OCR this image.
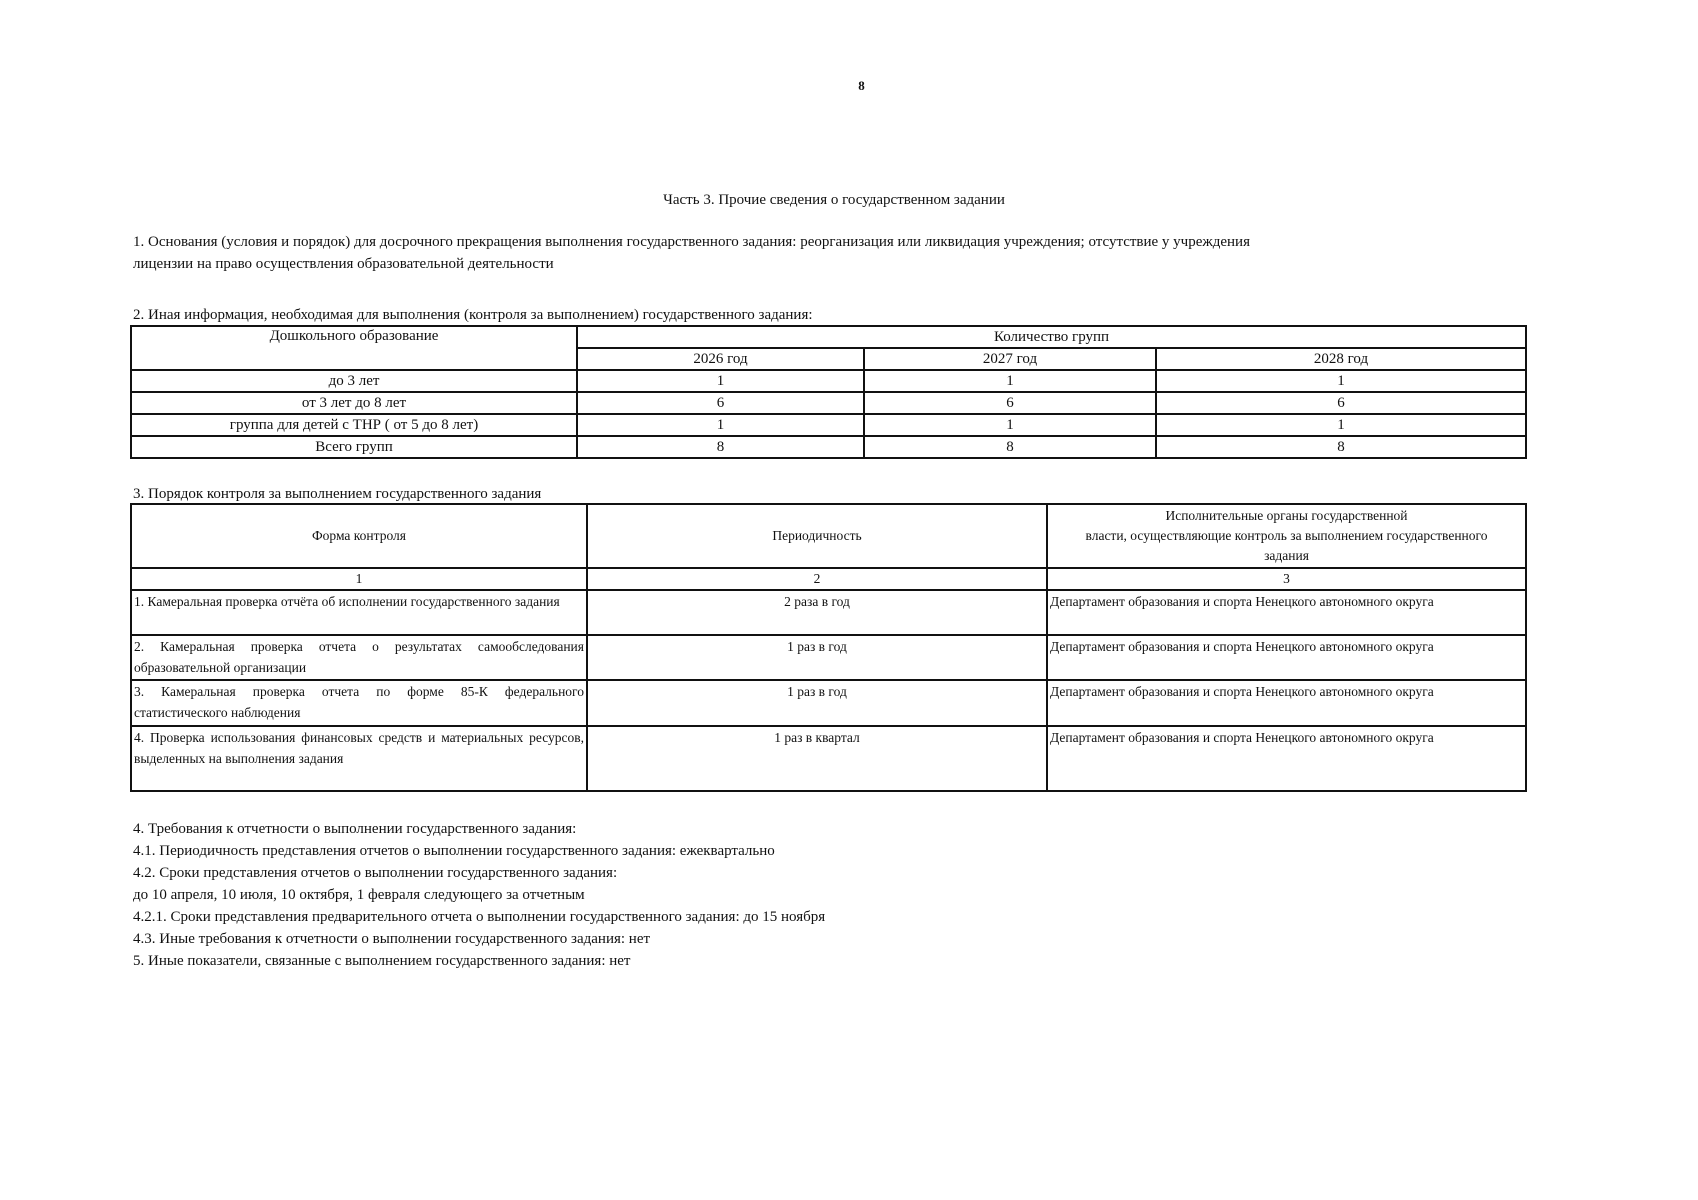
8
Часть 3. Прочие сведения о государственном задании
1. Основания (условия и порядок) для досрочного прекращения выполнения государственного задания: реорганизация или ликвидация учреждения; отсутствие у учреждения
лицензии на право осуществления образовательной деятельности
2. Иная информация, необходимая для выполнения (контроля за выполнением) государственного задания:
Дошкольного образование	Количество групп		
	2026 год	2027 год	2028 год
до 3 лет	1	1	1
от 3 лет до 8 лет	6	6	6
группа для детей с ТНР ( от 5 до 8 лет)	1	1	1
Всего групп	8	8	8
3. Порядок контроля за выполнением государственного задания
Форма контроля	Периодичность	Исполнительные органы государственной
власти, осуществляющие контроль за выполнением государственного
задания

1	2	3
1. Камеральная проверка отчёта об исполнении государственного задания	2 раза в год	Департамент образования и спорта Ненецкого автономного округа
2. Камеральная проверка отчета о результатах самообследования образовательной организации	1 раз в год	Департамент образования и спорта Ненецкого автономного округа
3. Камеральная проверка отчета по форме 85-К федерального статистического наблюдения	1 раз в год	Департамент образования и спорта Ненецкого автономного округа
4. Проверка использования финансовых средств и материальных ресурсов, выделенных на выполнения задания	1 раз в квартал	Департамент образования и спорта Ненецкого автономного округа
4. Требования к отчетности о выполнении государственного задания:
4.1. Периодичность представления отчетов о выполнении государственного задания: ежеквартально
4.2. Сроки представления отчетов о выполнении государственного задания:
до 10 апреля, 10 июля, 10 октября, 1 февраля следующего за отчетным
4.2.1. Сроки представления предварительного отчета о выполнении государственного задания: до 15 ноября
4.3. Иные требования к отчетности о выполнении государственного задания: нет
5. Иные показатели, связанные с выполнением государственного задания: нет
